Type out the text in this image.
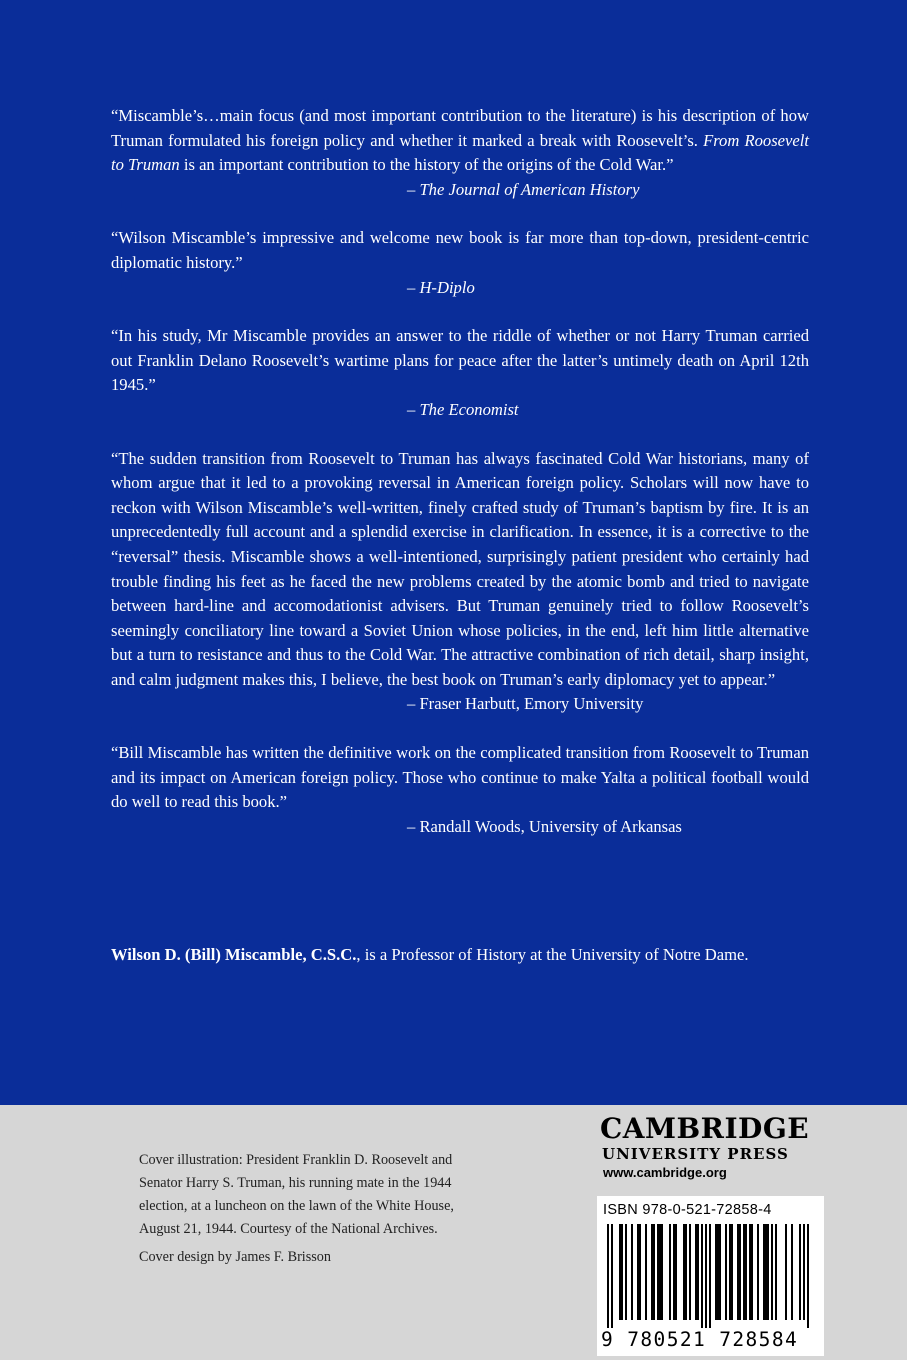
“Miscamble’s…main focus (and most important contribution to the literature) is his description of how Truman formulated his foreign policy and whether it marked a break with Roosevelt’s. From Roosevelt to Truman is an important contribution to the history of the origins of the Cold War.”

– The Journal of American History

“Wilson Miscamble’s impressive and welcome new book is far more than top-down, president-centric diplomatic history.”

– H-Diplo

“In his study, Mr Miscamble provides an answer to the riddle of whether or not Harry Truman carried out Franklin Delano Roosevelt’s wartime plans for peace after the latter’s untimely death on April 12th 1945.”

– The Economist

“The sudden transition from Roosevelt to Truman has always fascinated Cold War historians, many of whom argue that it led to a provoking reversal in American foreign policy. Scholars will now have to reckon with Wilson Miscamble’s well-written, finely crafted study of Truman’s baptism by fire. It is an unprecedentedly full account and a splendid exercise in clarification. In essence, it is a corrective to the “reversal” thesis. Miscamble shows a well-intentioned, surprisingly patient president who certainly had trouble finding his feet as he faced the new problems created by the atomic bomb and tried to navigate between hard-line and accomodationist advisers. But Truman genuinely tried to follow Roosevelt’s seemingly conciliatory line toward a Soviet Union whose policies, in the end, left him little alternative but a turn to resistance and thus to the Cold War. The attractive combination of rich detail, sharp insight, and calm judgment makes this, I believe, the best book on Truman’s early diplomacy yet to appear.”

– Fraser Harbutt, Emory University

“Bill Miscamble has written the definitive work on the complicated transition from Roosevelt to Truman and its impact on American foreign policy. Those who continue to make Yalta a political football would do well to read this book.”

– Randall Woods, University of Arkansas
Wilson D. (Bill) Miscamble, C.S.C., is a Professor of History at the University of Notre Dame.
Cover illustration: President Franklin D. Roosevelt and Senator Harry S. Truman, his running mate in the 1944 election, at a luncheon on the lawn of the White House, August 21, 1944. Courtesy of the National Archives.
Cover design by James F. Brisson
CAMBRIDGE
UNIVERSITY PRESS
www.cambridge.org
ISBN 978-0-521-72858-4
9 780521 728584
